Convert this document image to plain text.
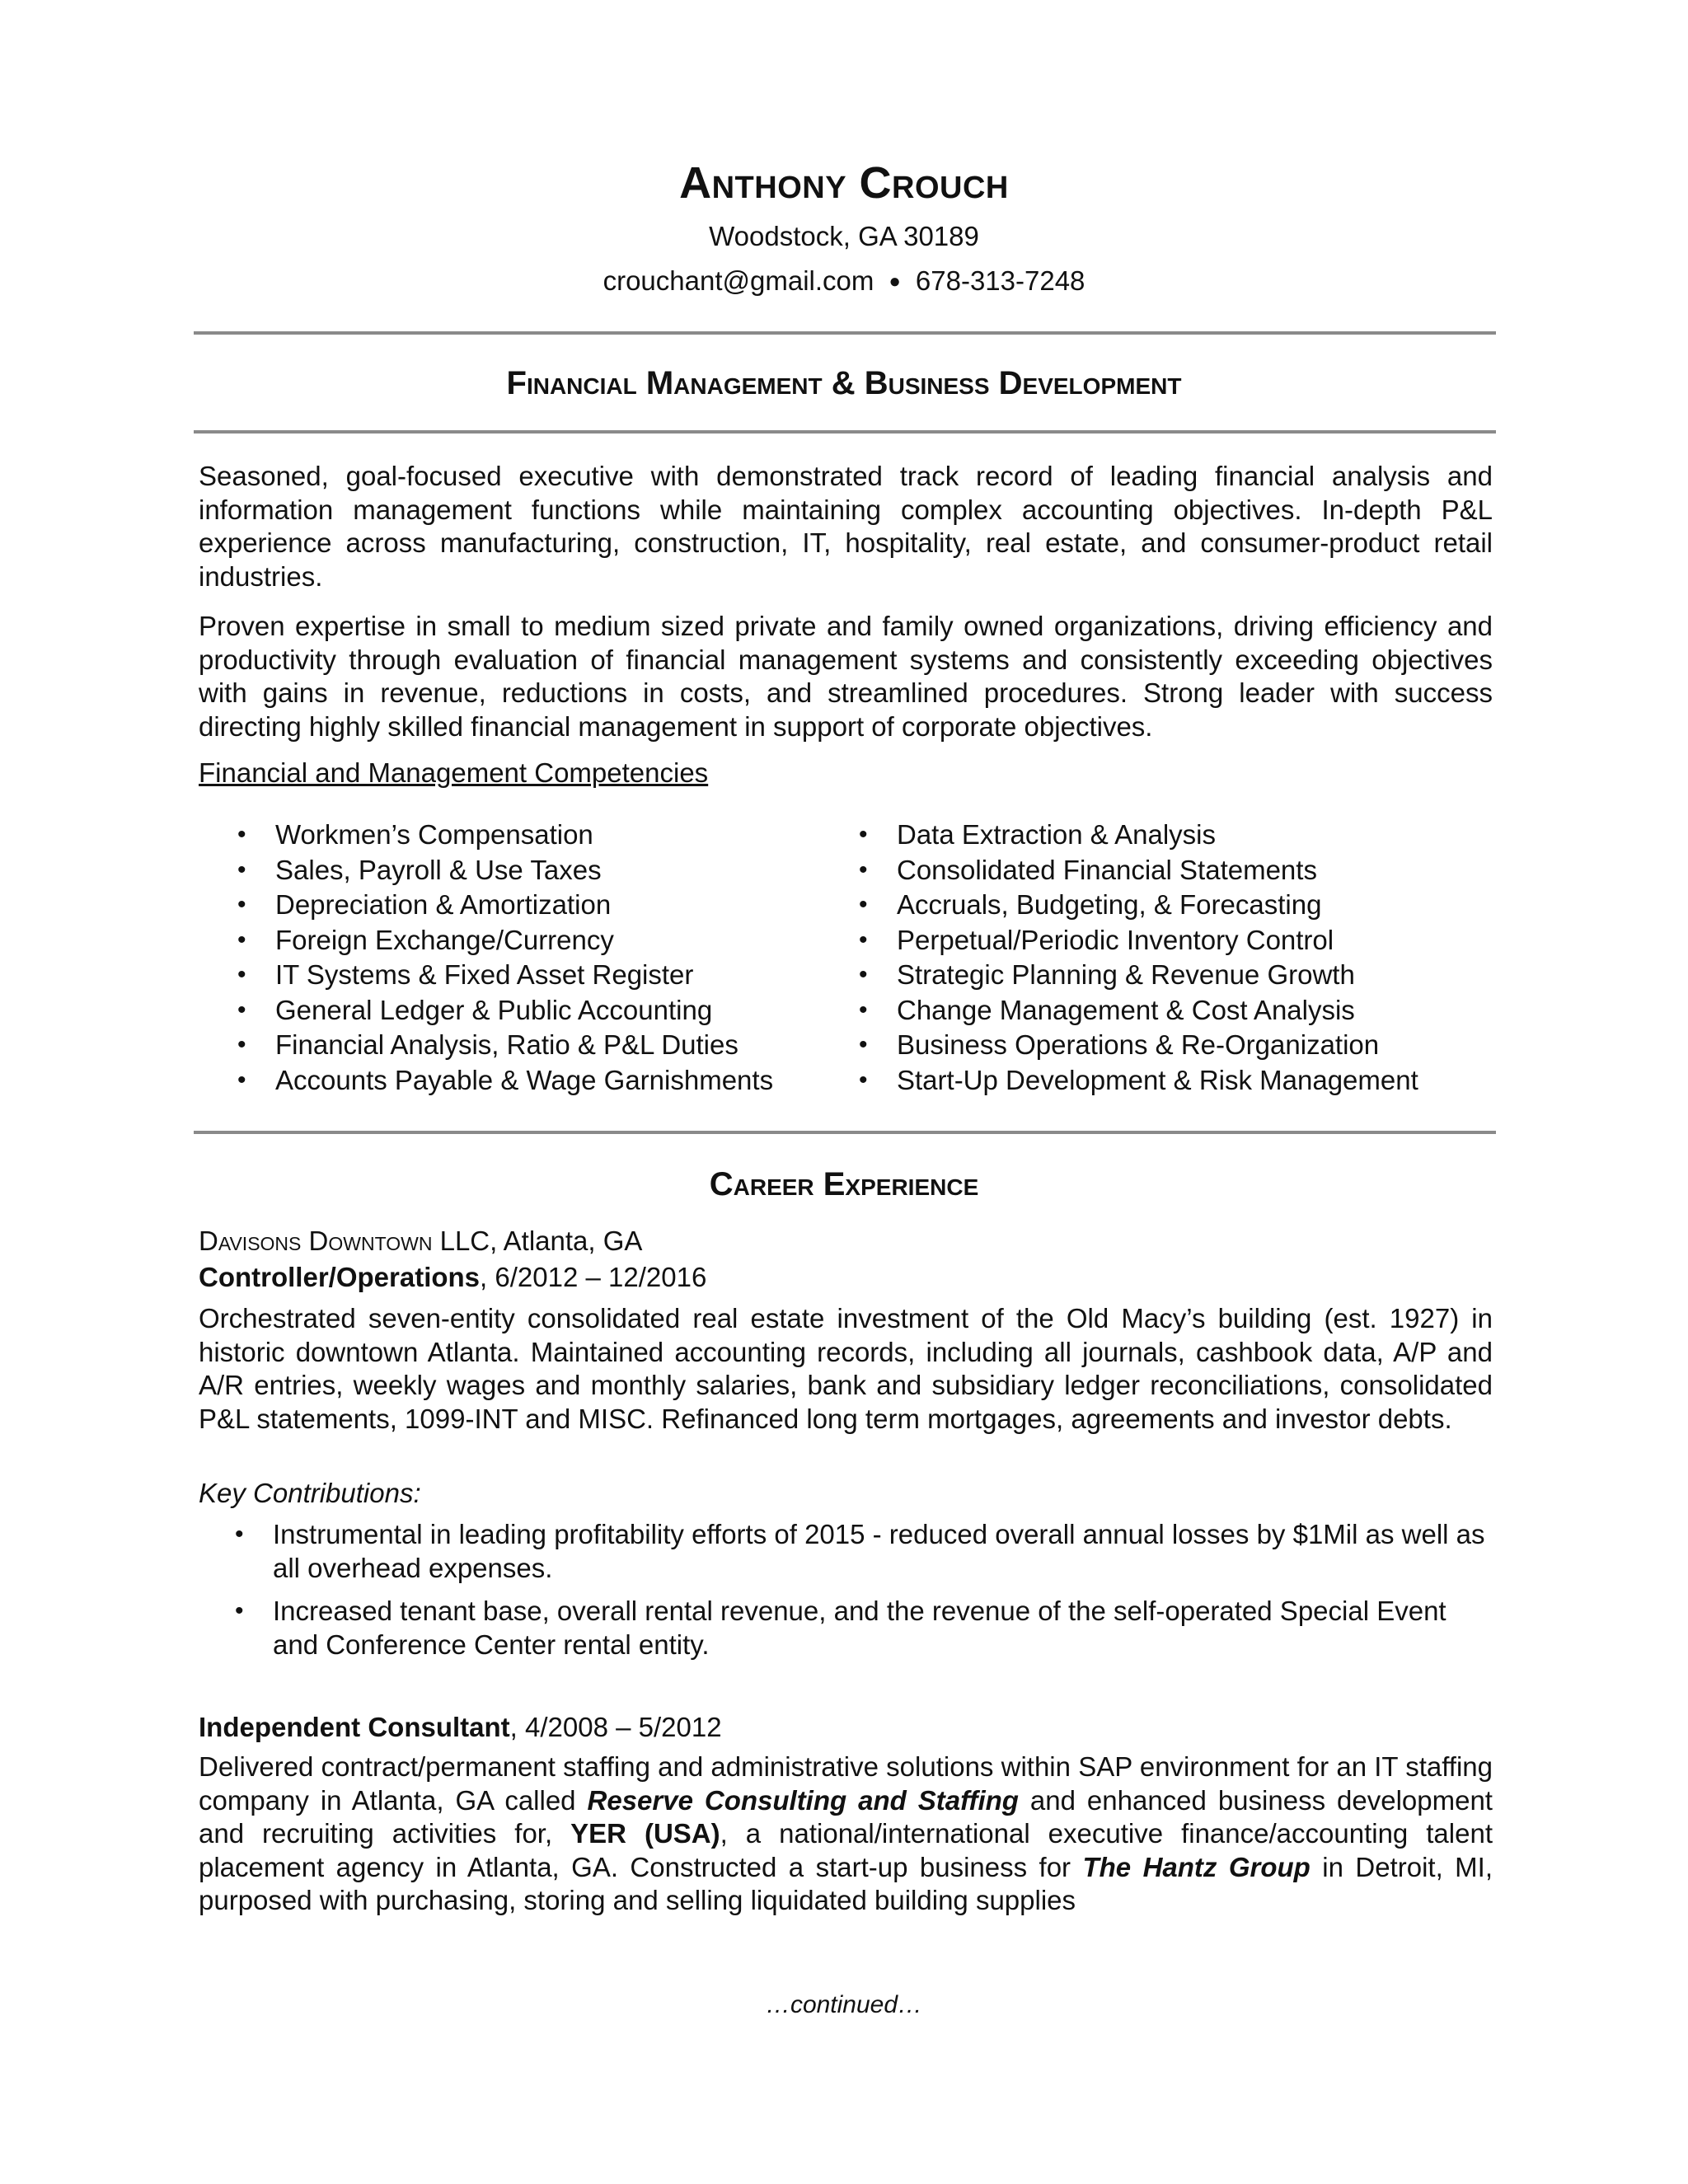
Anthony Crouch
Woodstock, GA 30189
crouchant@gmail.com ● 678-313-7248
Financial Management & Business Development
Seasoned, goal-focused executive with demonstrated track record of leading financial analysis and information management functions while maintaining complex accounting objectives. In-depth P&L experience across manufacturing, construction, IT, hospitality, real estate, and consumer-product retail industries.
Proven expertise in small to medium sized private and family owned organizations, driving efficiency and productivity through evaluation of financial management systems and consistently exceeding objectives with gains in revenue, reductions in costs, and streamlined procedures. Strong leader with success directing highly skilled financial management in support of corporate objectives.
Financial and Management Competencies
• Workmen’s Compensation
• Sales, Payroll & Use Taxes
• Depreciation & Amortization
• Foreign Exchange/Currency
• IT Systems & Fixed Asset Register
• General Ledger & Public Accounting
• Financial Analysis, Ratio & P&L Duties
• Accounts Payable & Wage Garnishments
• Data Extraction & Analysis
• Consolidated Financial Statements
• Accruals, Budgeting, & Forecasting
• Perpetual/Periodic Inventory Control
• Strategic Planning & Revenue Growth
• Change Management & Cost Analysis
• Business Operations & Re-Organization
• Start-Up Development & Risk Management
Career Experience
Davisons Downtown LLC, Atlanta, GA
Controller/Operations, 6/2012 – 12/2016
Orchestrated seven-entity consolidated real estate investment of the Old Macy’s building (est. 1927) in historic downtown Atlanta. Maintained accounting records, including all journals, cashbook data, A/P and A/R entries, weekly wages and monthly salaries, bank and subsidiary ledger reconciliations, consolidated P&L statements, 1099-INT and MISC. Refinanced long term mortgages, agreements and investor debts.
Key Contributions:
• Instrumental in leading profitability efforts of 2015 - reduced overall annual losses by $1Mil as well as all overhead expenses.
• Increased tenant base, overall rental revenue, and the revenue of the self-operated Special Event and Conference Center rental entity.
Independent Consultant, 4/2008 – 5/2012
Delivered contract/permanent staffing and administrative solutions within SAP environment for an IT staffing company in Atlanta, GA called Reserve Consulting and Staffing and enhanced business development and recruiting activities for, YER (USA), a national/international executive finance/accounting talent placement agency in Atlanta, GA. Constructed a start-up business for The Hantz Group in Detroit, MI, purposed with purchasing, storing and selling liquidated building supplies
…continued…
